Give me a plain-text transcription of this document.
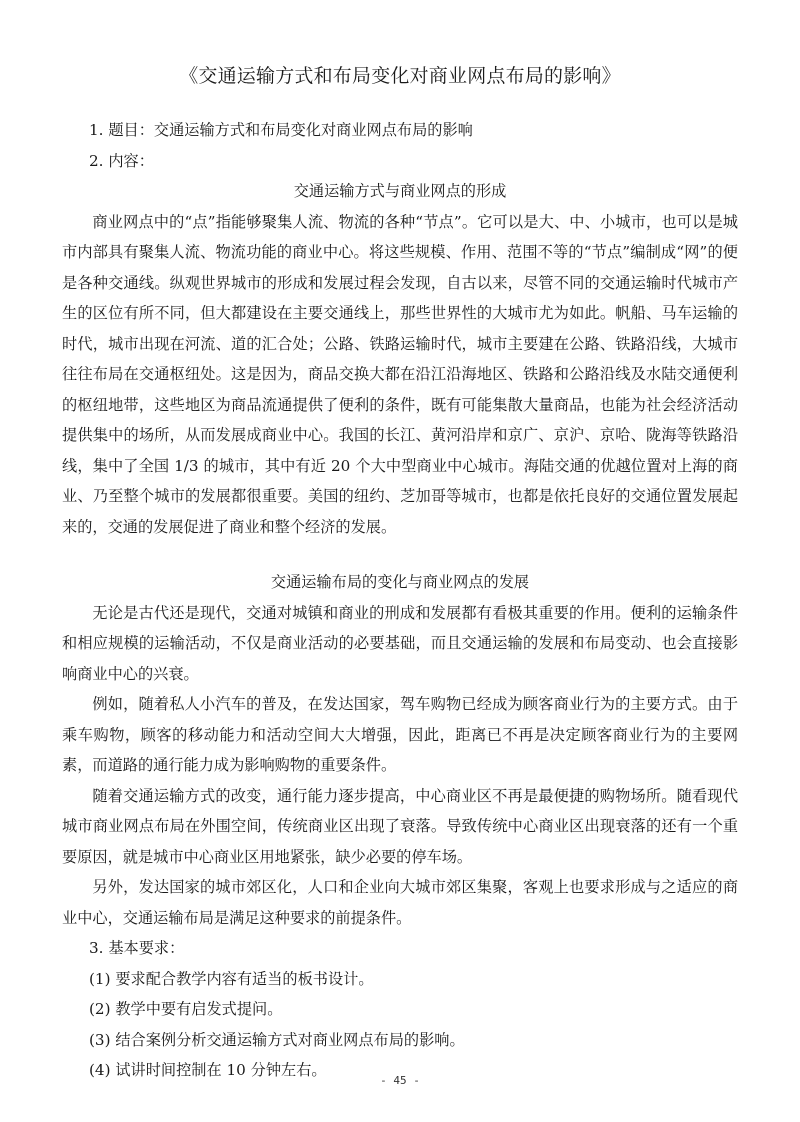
《交通运输方式和布局变化对商业网点布局的影响》

1. 题目：交通运输方式和布局变化对商业网点布局的影响

2. 内容：

交通运输方式与商业网点的形成

商业网点中的“点”指能够聚集人流、物流的各种“节点”。它可以是大、中、小城市，也可以是城市内部具有聚集人流、物流功能的商业中心。将这些规模、作用、范围不等的“节点”编制成“网”的便是各种交通线。纵观世界城市的形成和发展过程会发现，自古以来，尽管不同的交通运输时代城市产生的区位有所不同，但大都建设在主要交通线上，那些世界性的大城市尤为如此。帆船、马车运输的时代，城市出现在河流、道的汇合处；公路、铁路运输时代，城市主要建在公路、铁路沿线，大城市往往布局在交通枢纽处。这是因为，商品交换大都在沿江沿海地区、铁路和公路沿线及水陆交通便利的枢纽地带，这些地区为商品流通提供了便利的条件，既有可能集散大量商品，也能为社会经济活动提供集中的场所，从而发展成商业中心。我国的长江、黄河沿岸和京广、京沪、京哈、陇海等铁路沿线，集中了全国 1/3 的城市，其中有近 20 个大中型商业中心城市。海陆交通的优越位置对上海的商业、乃至整个城市的发展都很重要。美国的纽约、芝加哥等城市，也都是依托良好的交通位置发展起来的，交通的发展促进了商业和整个经济的发展。

交通运输布局的变化与商业网点的发展

无论是古代还是现代，交通对城镇和商业的刑成和发展都有看极其重要的作用。便利的运输条件和相应规模的运输活动，不仅是商业活动的必要基础，而且交通运输的发展和布局变动、也会直接影响商业中心的兴衰。

例如，随着私人小汽车的普及，在发达国家，驾车购物已经成为顾客商业行为的主要方式。由于乘车购物，顾客的移动能力和活动空间大大增强，因此，距离已不再是决定顾客商业行为的主要网素，而道路的通行能力成为影响购物的重要条件。

随着交通运输方式的改变，通行能力逐步提高，中心商业区不再是最便捷的购物场所。随看现代城市商业网点布局在外围空间，传统商业区出现了衰落。导致传统中心商业区出现衰落的还有一个重要原因，就是城市中心商业区用地紧张，缺少必要的停车场。

另外，发达国家的城市郊区化，人口和企业向大城市郊区集聚，客观上也要求形成与之适应的商业中心，交通运输布局是满足这种要求的前提条件。

3. 基本要求：

(1) 要求配合教学内容有适当的板书设计。

(2) 教学中要有启发式提问。

(3) 结合案例分析交通运输方式对商业网点布局的影响。

(4) 试讲时间控制在 10 分钟左右。

- 45 -
